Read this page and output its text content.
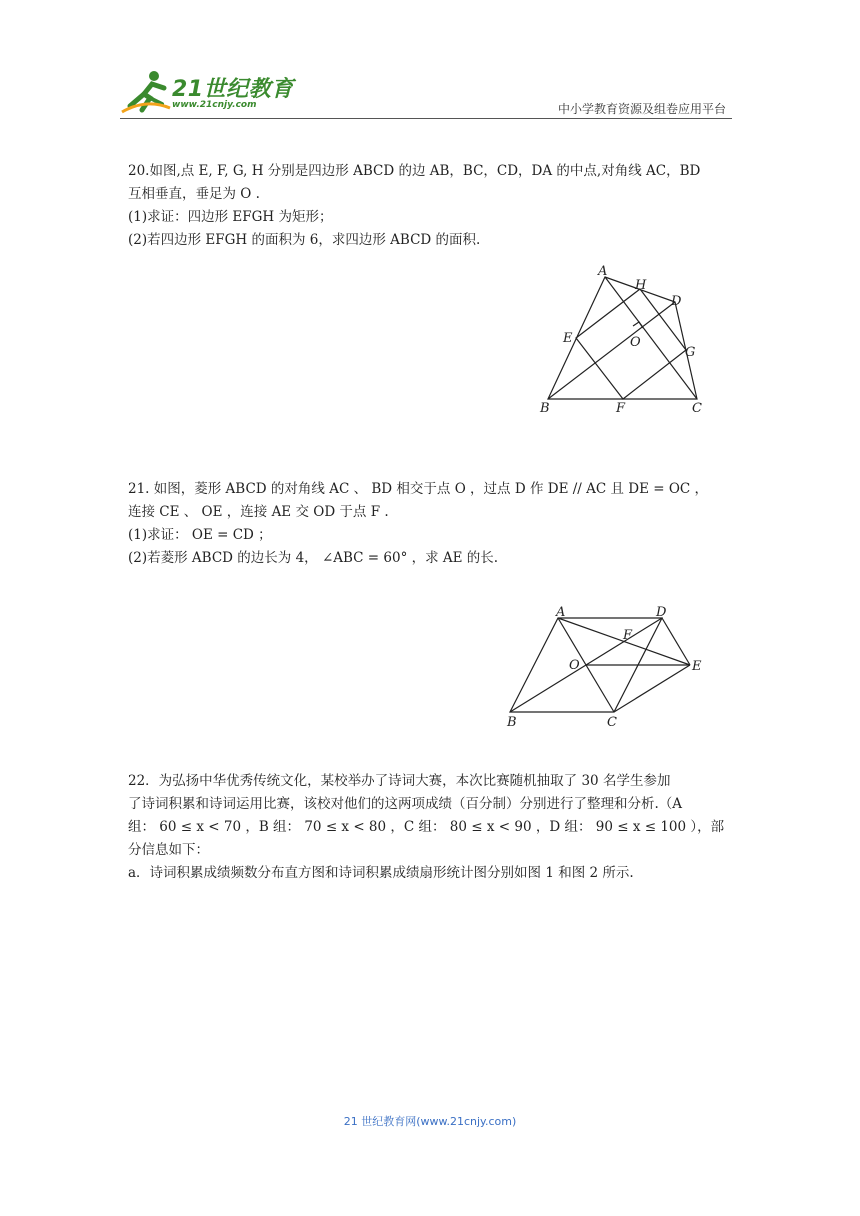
21世纪教育
www.21cnjy.com	中小学教育资源及组卷应用平台

20.如图,点 E, F, G, H 分别是四边形 ABCD 的边 AB，BC，CD，DA 的中点,对角线 AC，BD

互相垂直，垂足为 O .

(1)求证：四边形 EFGH 为矩形；

(2)若四边形 EFGH 的面积为 6，求四边形 ABCD 的面积.

A
H
D
E	O
G
B	F	C

21. 如图，菱形 ABCD 的对角线 AC 、 BD 相交于点 O ，过点 D 作 DE // AC 且 DE = OC ，

连接 CE 、 OE ，连接 AE 交 OD 于点 F .

(1)求证： OE = CD ；

(2)若菱形 ABCD 的边长为 4， ∠ABC = 60° ，求 AE 的长.

A	D
F
O	E
B	C

22．为弘扬中华优秀传统文化，某校举办了诗词大赛，本次比赛随机抽取了 30 名学生参加

了诗词积累和诗词运用比赛，该校对他们的这两项成绩（百分制）分别进行了整理和分析.（A

组： 60 ≤ x < 70 ，B 组： 70 ≤ x < 80 ，C 组： 80 ≤ x < 90 ，D 组： 90 ≤ x ≤ 100 ），部分信息如下：

a．诗词积累成绩频数分布直方图和诗词积累成绩扇形统计图分别如图 1 和图 2 所示.

21 世纪教育网(www.21cnjy.com)
